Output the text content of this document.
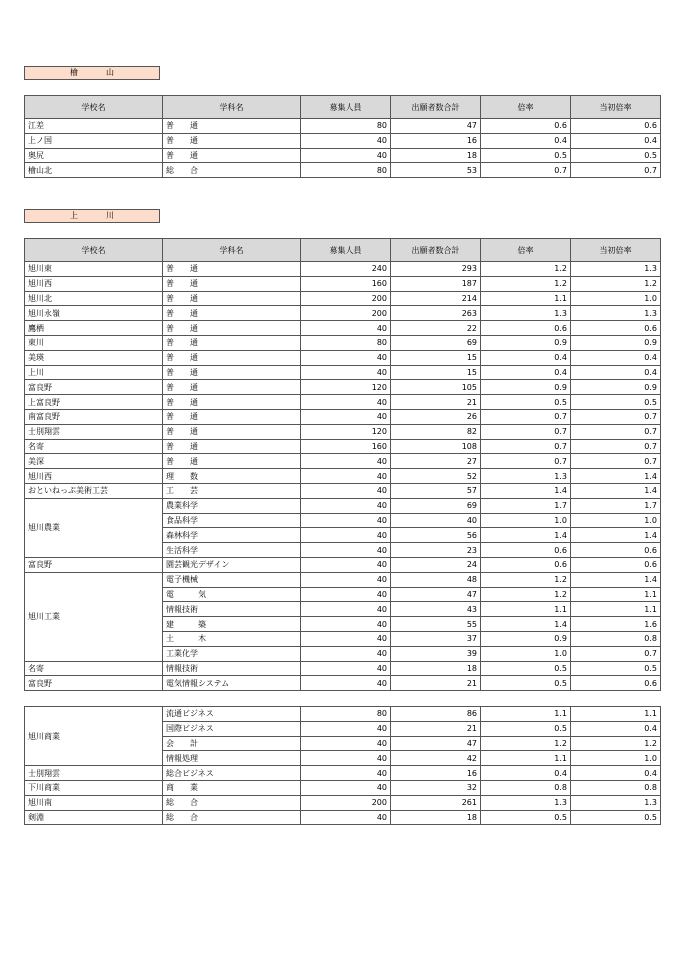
檜　山
学校名	学科名	募集人員	出願者数合計	倍率	当初倍率
江差	普　　通	80	47	0.6	0.6
上ノ国	普　　通	40	16	0.4	0.4
奥尻	普　　通	40	18	0.5	0.5
檜山北	総　　合	80	53	0.7	0.7
上　川
学校名	学科名	募集人員	出願者数合計	倍率	当初倍率
旭川東	普　　通	240	293	1.2	1.3
旭川西	普　　通	160	187	1.2	1.2
旭川北	普　　通	200	214	1.1	1.0
旭川永嶺	普　　通	200	263	1.3	1.3
鷹栖	普　　通	40	22	0.6	0.6
東川	普　　通	80	69	0.9	0.9
美瑛	普　　通	40	15	0.4	0.4
上川	普　　通	40	15	0.4	0.4
富良野	普　　通	120	105	0.9	0.9
上富良野	普　　通	40	21	0.5	0.5
南富良野	普　　通	40	26	0.7	0.7
士別翔雲	普　　通	120	82	0.7	0.7
名寄	普　　通	160	108	0.7	0.7
美深	普　　通	40	27	0.7	0.7
旭川西	理　　数	40	52	1.3	1.4
おといねっぷ美術工芸	工　　芸	40	57	1.4	1.4
旭川農業	農業科学	40	69	1.7	1.7
	食品科学	40	40	1.0	1.0
	森林科学	40	56	1.4	1.4
	生活科学	40	23	0.6	0.6
富良野	園芸観光デザイン	40	24	0.6	0.6
旭川工業	電子機械	40	48	1.2	1.4
	電　　　気	40	47	1.2	1.1
	情報技術	40	43	1.1	1.1
	建　　　築	40	55	1.4	1.6
	土　　　木	40	37	0.9	0.8
	工業化学	40	39	1.0	0.7
名寄	情報技術	40	18	0.5	0.5
富良野	電気情報システム	40	21	0.5	0.6
旭川商業	流通ビジネス	80	86	1.1	1.1
	国際ビジネス	40	21	0.5	0.4
	会　　計	40	47	1.2	1.2
	情報処理	40	42	1.1	1.0
士別翔雲	総合ビジネス	40	16	0.4	0.4
下川商業	商　　業	40	32	0.8	0.8
旭川南	総　　合	200	261	1.3	1.3
剣淵	総　　合	40	18	0.5	0.5
